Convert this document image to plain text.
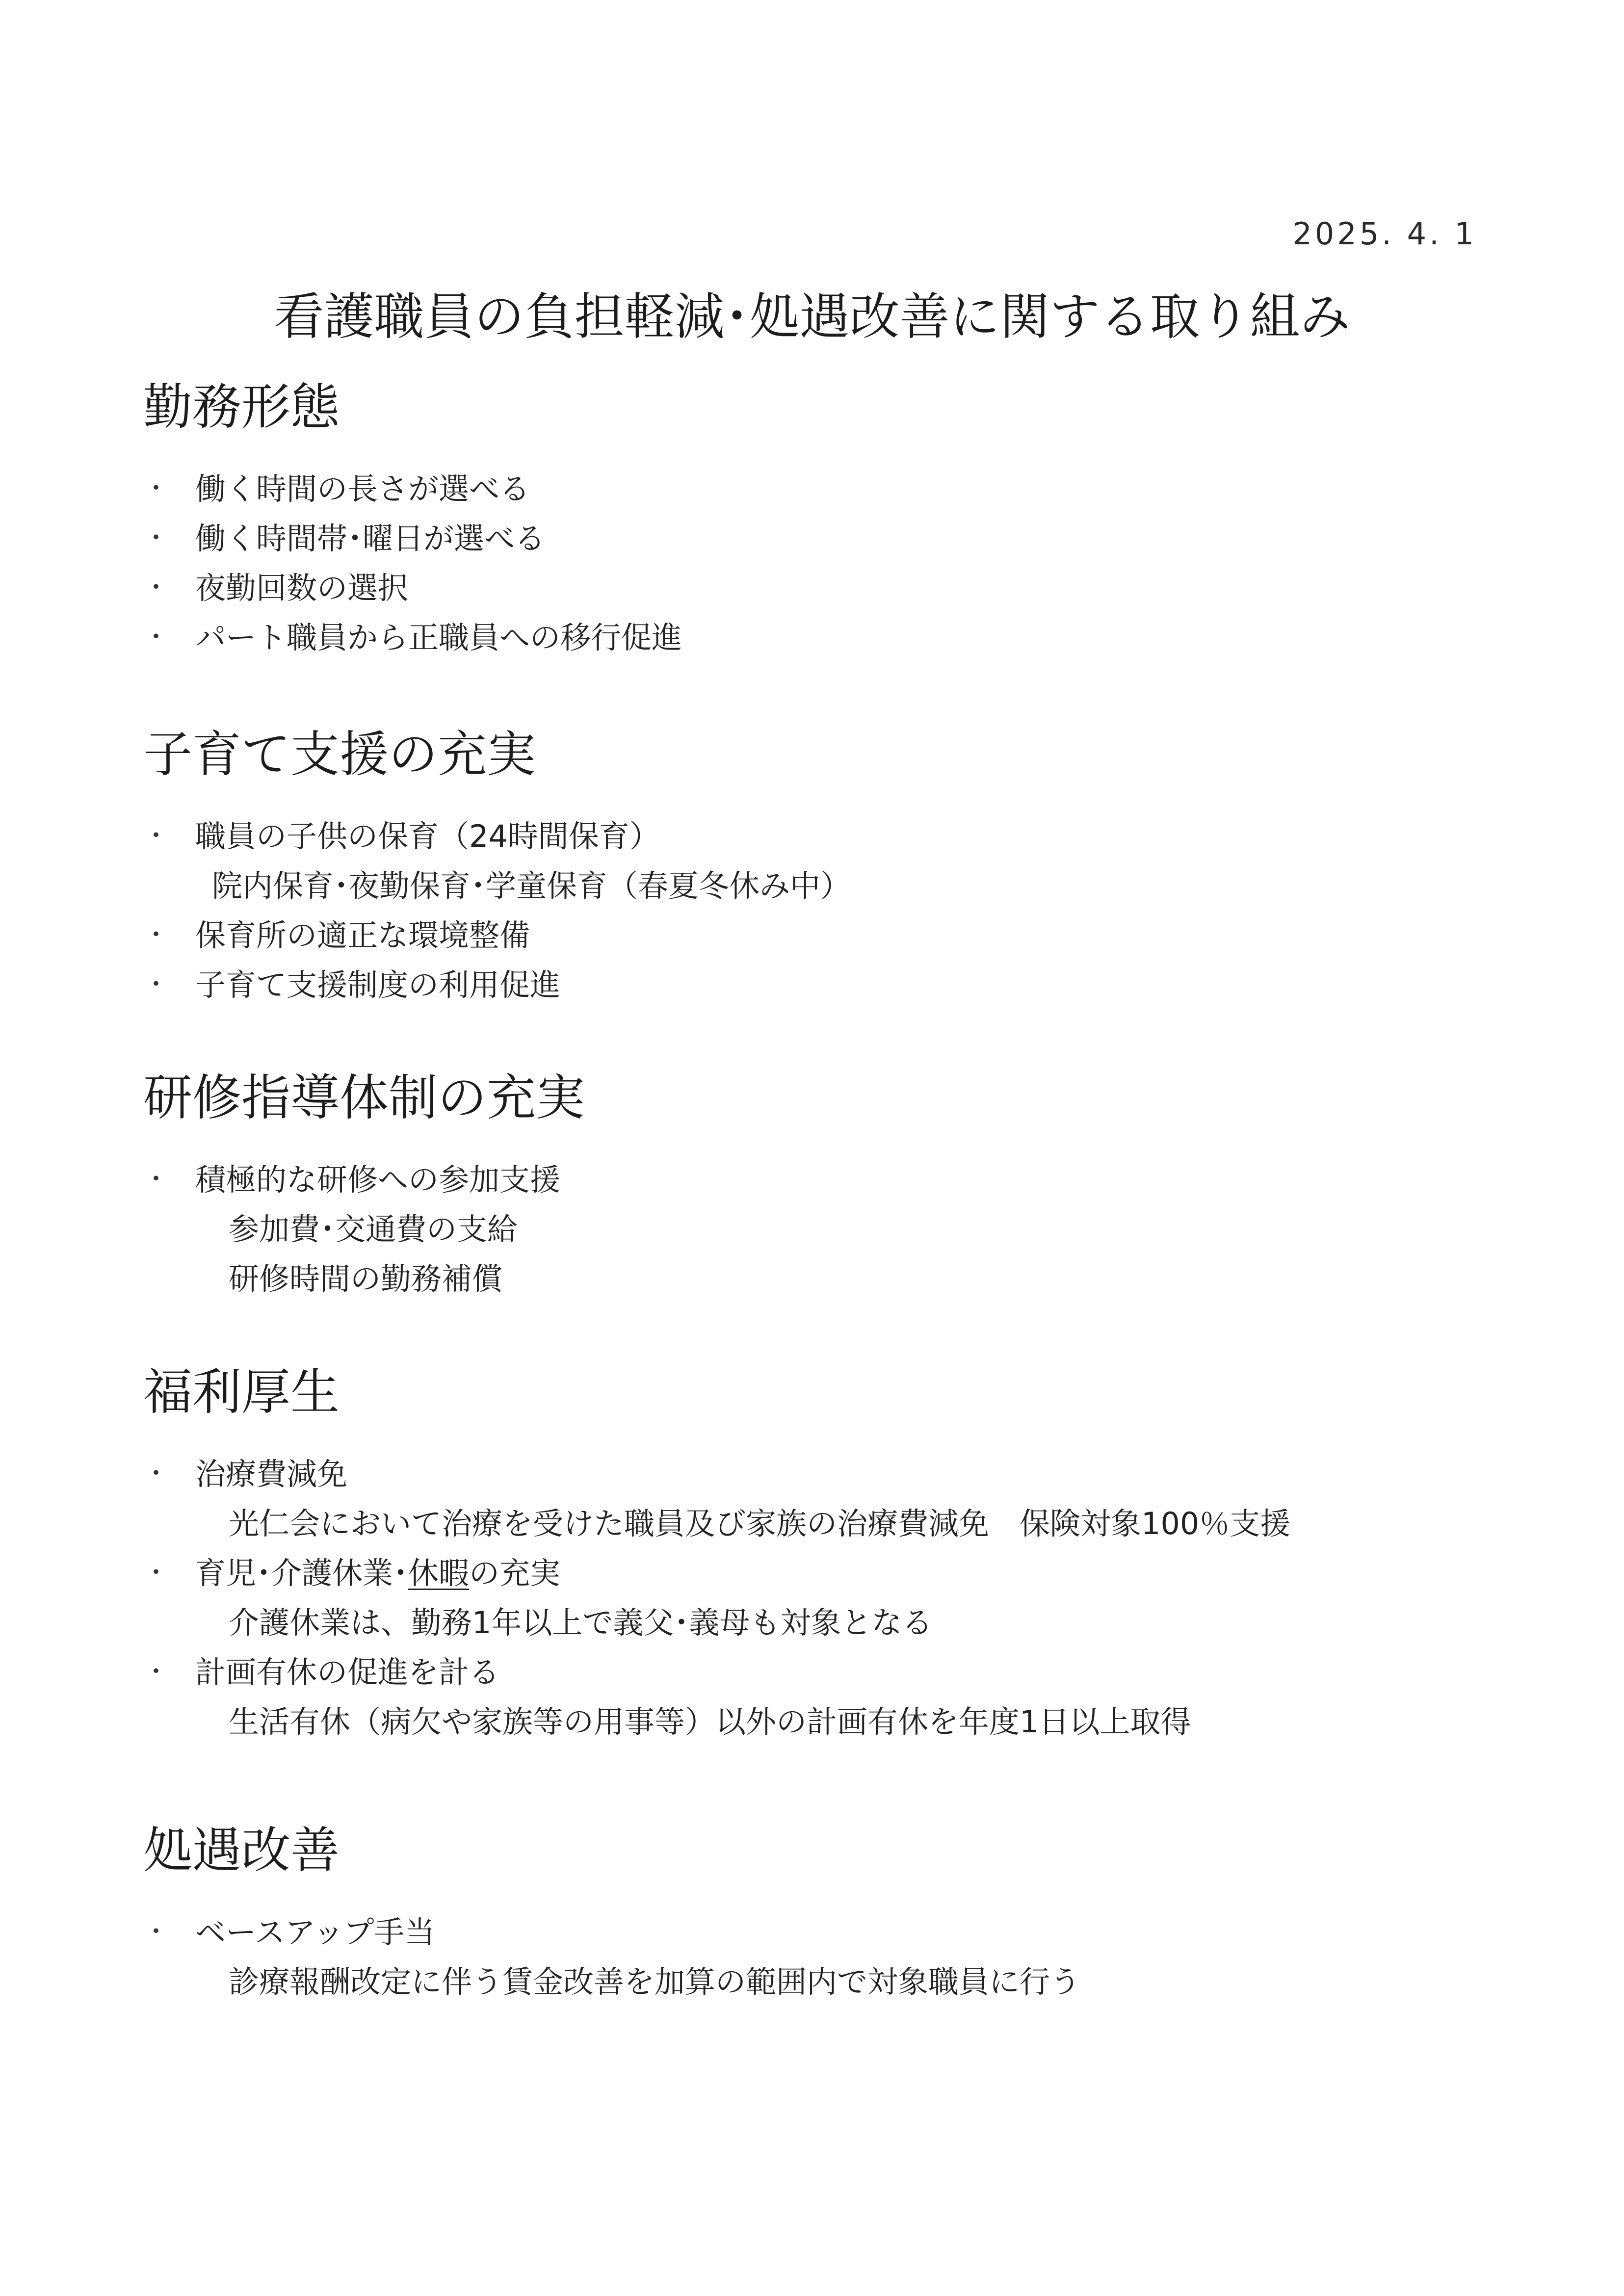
2025. 4. 1
看護職員の負担軽減･処遇改善に関する取り組み
勤務形態
・ 働く時間の長さが選べる
・ 働く時間帯･曜日が選べる
・ 夜勤回数の選択
・ パート職員から正職員への移行促進
子育て支援の充実
・ 職員の子供の保育（24時間保育）
院内保育･夜勤保育･学童保育（春夏冬休み中）
・ 保育所の適正な環境整備
・ 子育て支援制度の利用促進
研修指導体制の充実
・ 積極的な研修への参加支援
参加費･交通費の支給
研修時間の勤務補償
福利厚生
・ 治療費減免
光仁会において治療を受けた職員及び家族の治療費減免　保険対象100％支援
・ 育児･介護休業･休暇の充実
介護休業は、勤務1年以上で義父･義母も対象となる
・ 計画有休の促進を計る
生活有休（病欠や家族等の用事等）以外の計画有休を年度1日以上取得
処遇改善
・ ベースアップ手当
診療報酬改定に伴う賃金改善を加算の範囲内で対象職員に行う
